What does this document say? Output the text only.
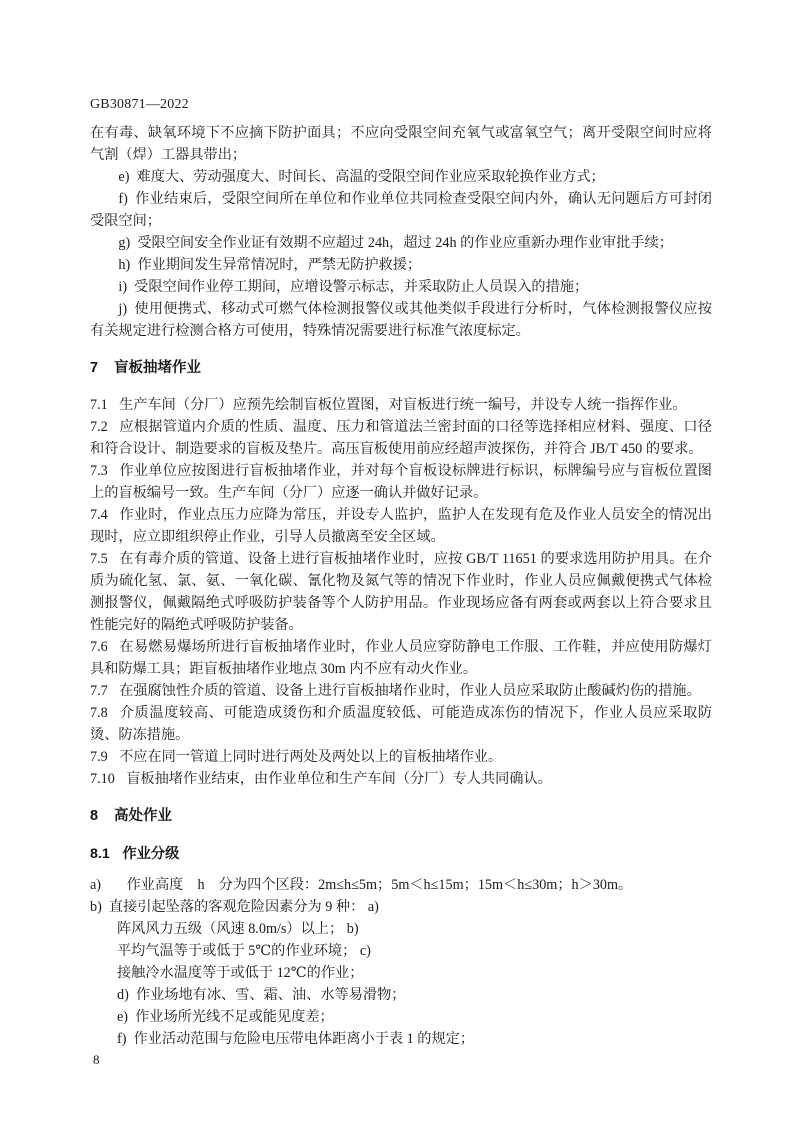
GB30871—2022

在有毒、缺氧环境下不应摘下防护面具；不应向受限空间充氧气或富氧空气；离开受限空间时应将气割（焊）工器具带出；

e) 难度大、劳动强度大、时间长、高温的受限空间作业应采取轮换作业方式；

f) 作业结束后，受限空间所在单位和作业单位共同检查受限空间内外，确认无问题后方可封闭受限空间；

g) 受限空间安全作业证有效期不应超过 24h，超过 24h 的作业应重新办理作业审批手续；

h) 作业期间发生异常情况时，严禁无防护救援；

i) 受限空间作业停工期间，应增设警示标志，并采取防止人员误入的措施；

j) 使用便携式、移动式可燃气体检测报警仪或其他类似手段进行分析时，气体检测报警仪应按有关规定进行检测合格方可使用，特殊情况需要进行标准气浓度标定。

7 盲板抽堵作业

7.1 生产车间（分厂）应预先绘制盲板位置图，对盲板进行统一编号，并设专人统一指挥作业。

7.2 应根据管道内介质的性质、温度、压力和管道法兰密封面的口径等选择相应材料、强度、口径和符合设计、制造要求的盲板及垫片。高压盲板使用前应经超声波探伤，并符合 JB/T 450 的要求。

7.3 作业单位应按图进行盲板抽堵作业，并对每个盲板设标牌进行标识，标牌编号应与盲板位置图上的盲板编号一致。生产车间（分厂）应逐一确认并做好记录。

7.4 作业时，作业点压力应降为常压，并设专人监护，监护人在发现有危及作业人员安全的情况出现时，应立即组织停止作业，引导人员撤离至安全区域。

7.5 在有毒介质的管道、设备上进行盲板抽堵作业时，应按 GB/T 11651 的要求选用防护用具。在介质为硫化氢、氯、氨、一氧化碳、氰化物及氮气等的情况下作业时，作业人员应佩戴便携式气体检测报警仪，佩戴隔绝式呼吸防护装备等个人防护用品。作业现场应备有两套或两套以上符合要求且性能完好的隔绝式呼吸防护装备。

7.6 在易燃易爆场所进行盲板抽堵作业时，作业人员应穿防静电工作服、工作鞋，并应使用防爆灯具和防爆工具；距盲板抽堵作业地点 30m 内不应有动火作业。

7.7 在强腐蚀性介质的管道、设备上进行盲板抽堵作业时，作业人员应采取防止酸碱灼伤的措施。

7.8 介质温度较高、可能造成烫伤和介质温度较低、可能造成冻伤的情况下，作业人员应采取防烫、防冻措施。

7.9 不应在同一管道上同时进行两处及两处以上的盲板抽堵作业。

7.10 盲板抽堵作业结束，由作业单位和生产车间（分厂）专人共同确认。

8 高处作业
8.1 作业分级

a) 作业高度　h　分为四个区段：2m≤h≤5m；5m＜h≤15m；15m＜h≤30m；h＞30m。

b) 直接引起坠落的客观危险因素分为 9 种： a)

阵风风力五级（风速 8.0m/s）以上； b)

平均气温等于或低于 5℃的作业环境； c)

接触冷水温度等于或低于 12℃的作业；

d) 作业场地有冰、雪、霜、油、水等易滑物；

e) 作业场所光线不足或能见度差；

f) 作业活动范围与危险电压带电体距离小于表 1 的规定；

8
